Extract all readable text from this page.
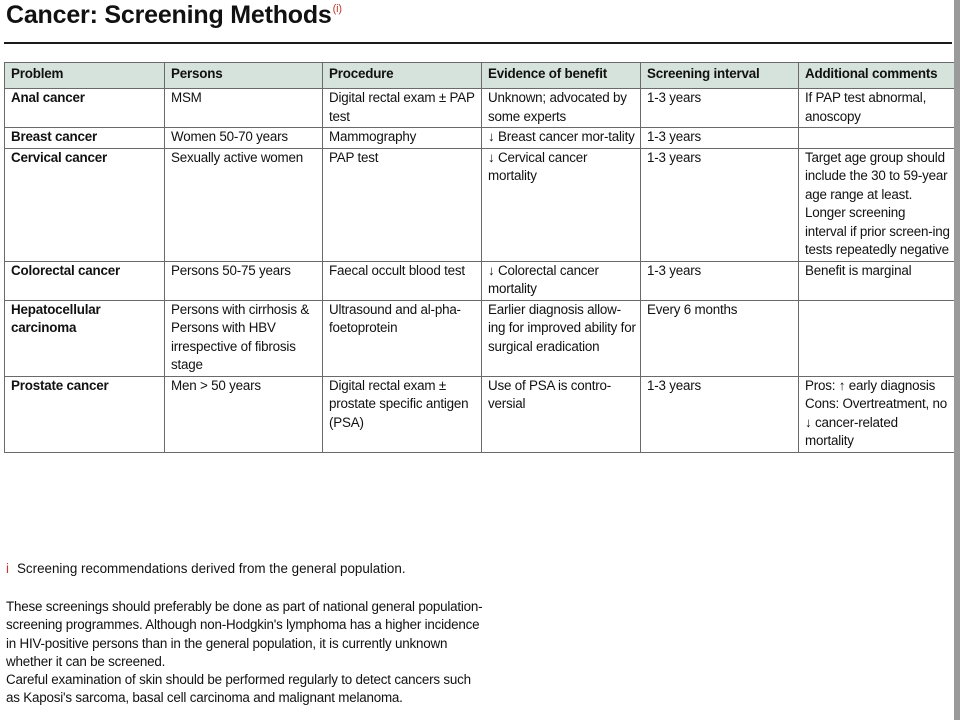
Cancer: Screening Methods$^{(i)}$
Problem	Persons	Procedure	Evidence of benefit	Screening interval	Additional comments
Anal cancer	MSM	Digital rectal exam ± PAP test	Unknown; advocated by some experts	1-3 years	If PAP test abnormal, anoscopy
Breast cancer	Women 50-70 years	Mammography	↓ Breast cancer mor-tality	1-3 years	
Cervical cancer	Sexually active women	PAP test	↓ Cervical cancer mortality	1-3 years	Target age group should include the 30 to 59-year age range at least. Longer screening interval if prior screen-ing tests repeatedly negative
Colorectal cancer	Persons 50-75 years	Faecal occult blood test	↓ Colorectal cancer mortality	1-3 years	Benefit is marginal
Hepatocellular carcinoma	Persons with cirrhosis & Persons with HBV irrespective of fibrosis stage	Ultrasound and al-pha-foetoprotein	Earlier diagnosis allow-ing for improved ability for surgical eradication	Every 6 months	
Prostate cancer	Men > 50 years	Digital rectal exam ± prostate specific antigen (PSA)	Use of PSA is contro-versial	1-3 years	Pros: ↑ early diagnosis Cons: Overtreatment, no ↓ cancer-related mortality
i Screening recommendations derived from the general population.

These screenings should preferably be done as part of national general population-screening programmes. Although non-Hodgkin's lymphoma has a higher incidence in HIV-positive persons than in the general population, it is currently unknown whether it can be screened.

Careful examination of skin should be performed regularly to detect cancers such as Kaposi's sarcoma, basal cell carcinoma and malignant melanoma.
